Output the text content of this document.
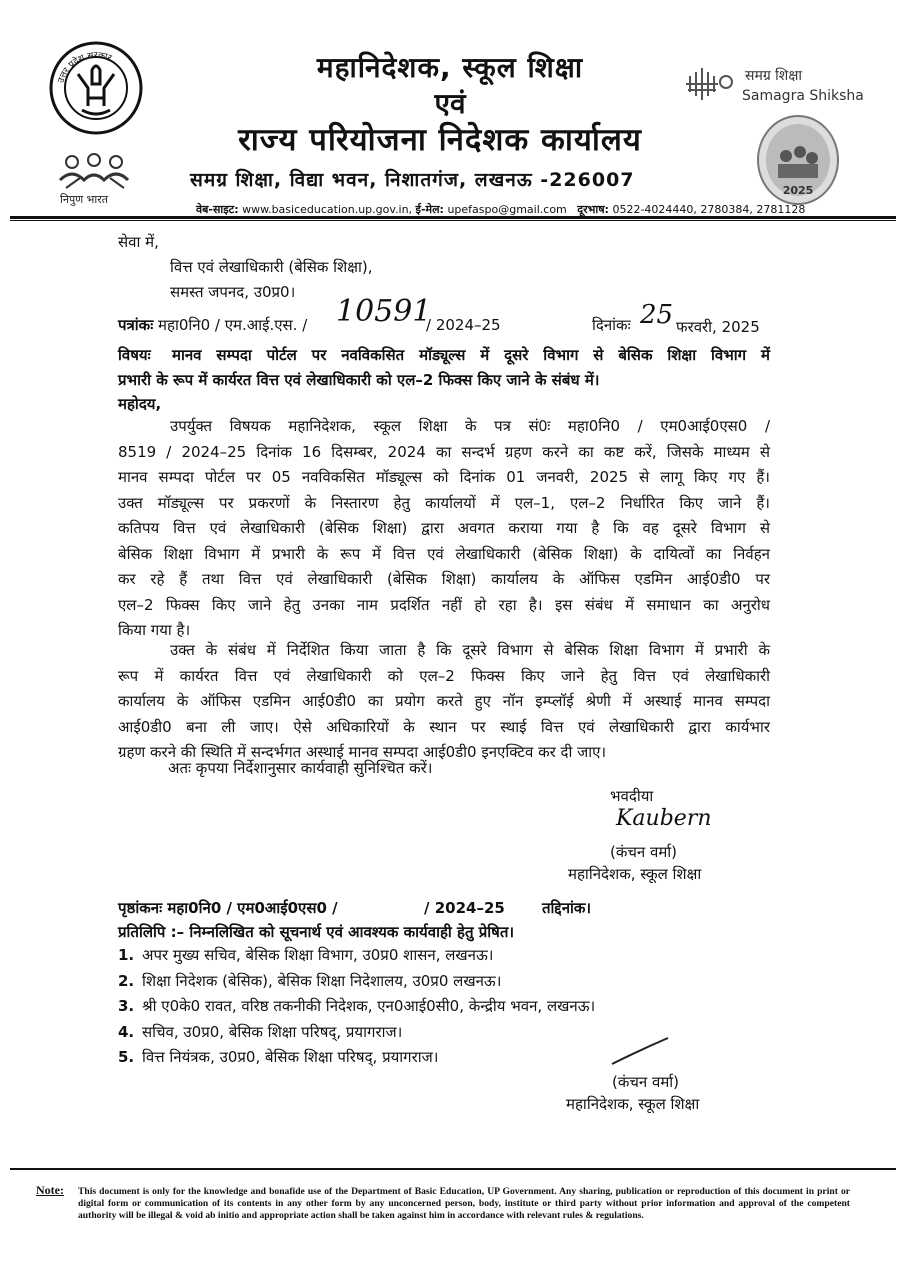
उत्तर प्रदेश सरकार
निपुण भारत
महानिदेशक, स्कूल शिक्षा
एवं
राज्य परियोजना निदेशक कार्यालय
समग्र शिक्षा, विद्या भवन, निशातगंज, लखनऊ -226007
वेब-साइट: www.basiceducation.up.gov.in, ई-मेल: upefaspo@gmail.com दूरभाष: 0522-4024440, 2780384, 2781128
समग्र शिक्षा
Samagra Shiksha
2025
सेवा में,
वित्त एवं लेखाधिकारी (बेसिक शिक्षा),
समस्त जपनद, उ0प्र0।
पत्रांकः महा0नि0 / एम.आई.एस. / 10591
/ 2024–25	दिनांकः 25 फरवरी, 2025
विषयः मानव सम्पदा पोर्टल पर नवविकसित मॉड्यूल्स में दूसरे विभाग से बेसिक शिक्षा विभाग में
प्रभारी के रूप में कार्यरत वित्त एवं लेखाधिकारी को एल–2 फिक्स किए जाने के संबंध में।
महोदय,
उपर्युक्त विषयक महानिदेशक, स्कूल शिक्षा के पत्र सं0ः महा0नि0 / एम0आई0एस0 /
8519 / 2024–25 दिनांक 16 दिसम्बर, 2024 का सन्दर्भ ग्रहण करने का कष्ट करें, जिसके माध्यम से
मानव सम्पदा पोर्टल पर 05 नवविकसित मॉड्यूल्स को दिनांक 01 जनवरी, 2025 से लागू किए गए हैं।
उक्त मॉड्यूल्स पर प्रकरणों के निस्तारण हेतु कार्यालयों में एल–1, एल–2 निर्धारित किए जाने हैं।
कतिपय वित्त एवं लेखाधिकारी (बेसिक शिक्षा) द्वारा अवगत कराया गया है कि वह दूसरे विभाग से
बेसिक शिक्षा विभाग में प्रभारी के रूप में वित्त एवं लेखाधिकारी (बेसिक शिक्षा) के दायित्वों का निर्वहन
कर रहे हैं तथा वित्त एवं लेखाधिकारी (बेसिक शिक्षा) कार्यालय के ऑफिस एडमिन आई0डी0 पर
एल–2 फिक्स किए जाने हेतु उनका नाम प्रदर्शित नहीं हो रहा है। इस संबंध में समाधान का अनुरोध
किया गया है।
उक्त के संबंध में निर्देशित किया जाता है कि दूसरे विभाग से बेसिक शिक्षा विभाग में प्रभारी के
रूप में कार्यरत वित्त एवं लेखाधिकारी को एल–2 फिक्स किए जाने हेतु वित्त एवं लेखाधिकारी
कार्यालय के ऑफिस एडमिन आई0डी0 का प्रयोग करते हुए नॉन इम्प्लॉई श्रेणी में अस्थाई मानव सम्पदा
आई0डी0 बना ली जाए। ऐसे अधिकारियों के स्थान पर स्थाई वित्त एवं लेखाधिकारी द्वारा कार्यभार
ग्रहण करने की स्थिति में सन्दर्भगत अस्थाई मानव सम्पदा आई0डी0 इनएक्टिव कर दी जाए।
अतः कृपया निर्देशानुसार कार्यवाही सुनिश्चित करें।
भवदीया
Kaubern
(कंचन वर्मा)
महानिदेशक, स्कूल शिक्षा
पृष्ठांकनः महा0नि0 / एम0आई0एस0 /	/ 2024–25 तद्दिनांक।
प्रतिलिपि :– निम्नलिखित को सूचनार्थ एवं आवश्यक कार्यवाही हेतु प्रेषित।
1. अपर मुख्य सचिव, बेसिक शिक्षा विभाग, उ0प्र0 शासन, लखनऊ।
2. शिक्षा निदेशक (बेसिक), बेसिक शिक्षा निदेशालय, उ0प्र0 लखनऊ।
3. श्री ए0के0 रावत, वरिष्ठ तकनीकी निदेशक, एन0आई0सी0, केन्द्रीय भवन, लखनऊ।
4. सचिव, उ0प्र0, बेसिक शिक्षा परिषद्, प्रयागराज।
5. वित्त नियंत्रक, उ0प्र0, बेसिक शिक्षा परिषद्, प्रयागराज।
(कंचन वर्मा)
महानिदेशक, स्कूल शिक्षा
Note: This document is only for the knowledge and bonafide use of the Department of Basic Education, UP Government. Any sharing, publication or reproduction of this document in print or digital form or communication of its contents in any other form by any unconcerned person, body, institute or third party without prior information and approval of the competent authority will be illegal & void ab initio and appropriate action shall be taken against him in accordance with relevant rules & regulations.
